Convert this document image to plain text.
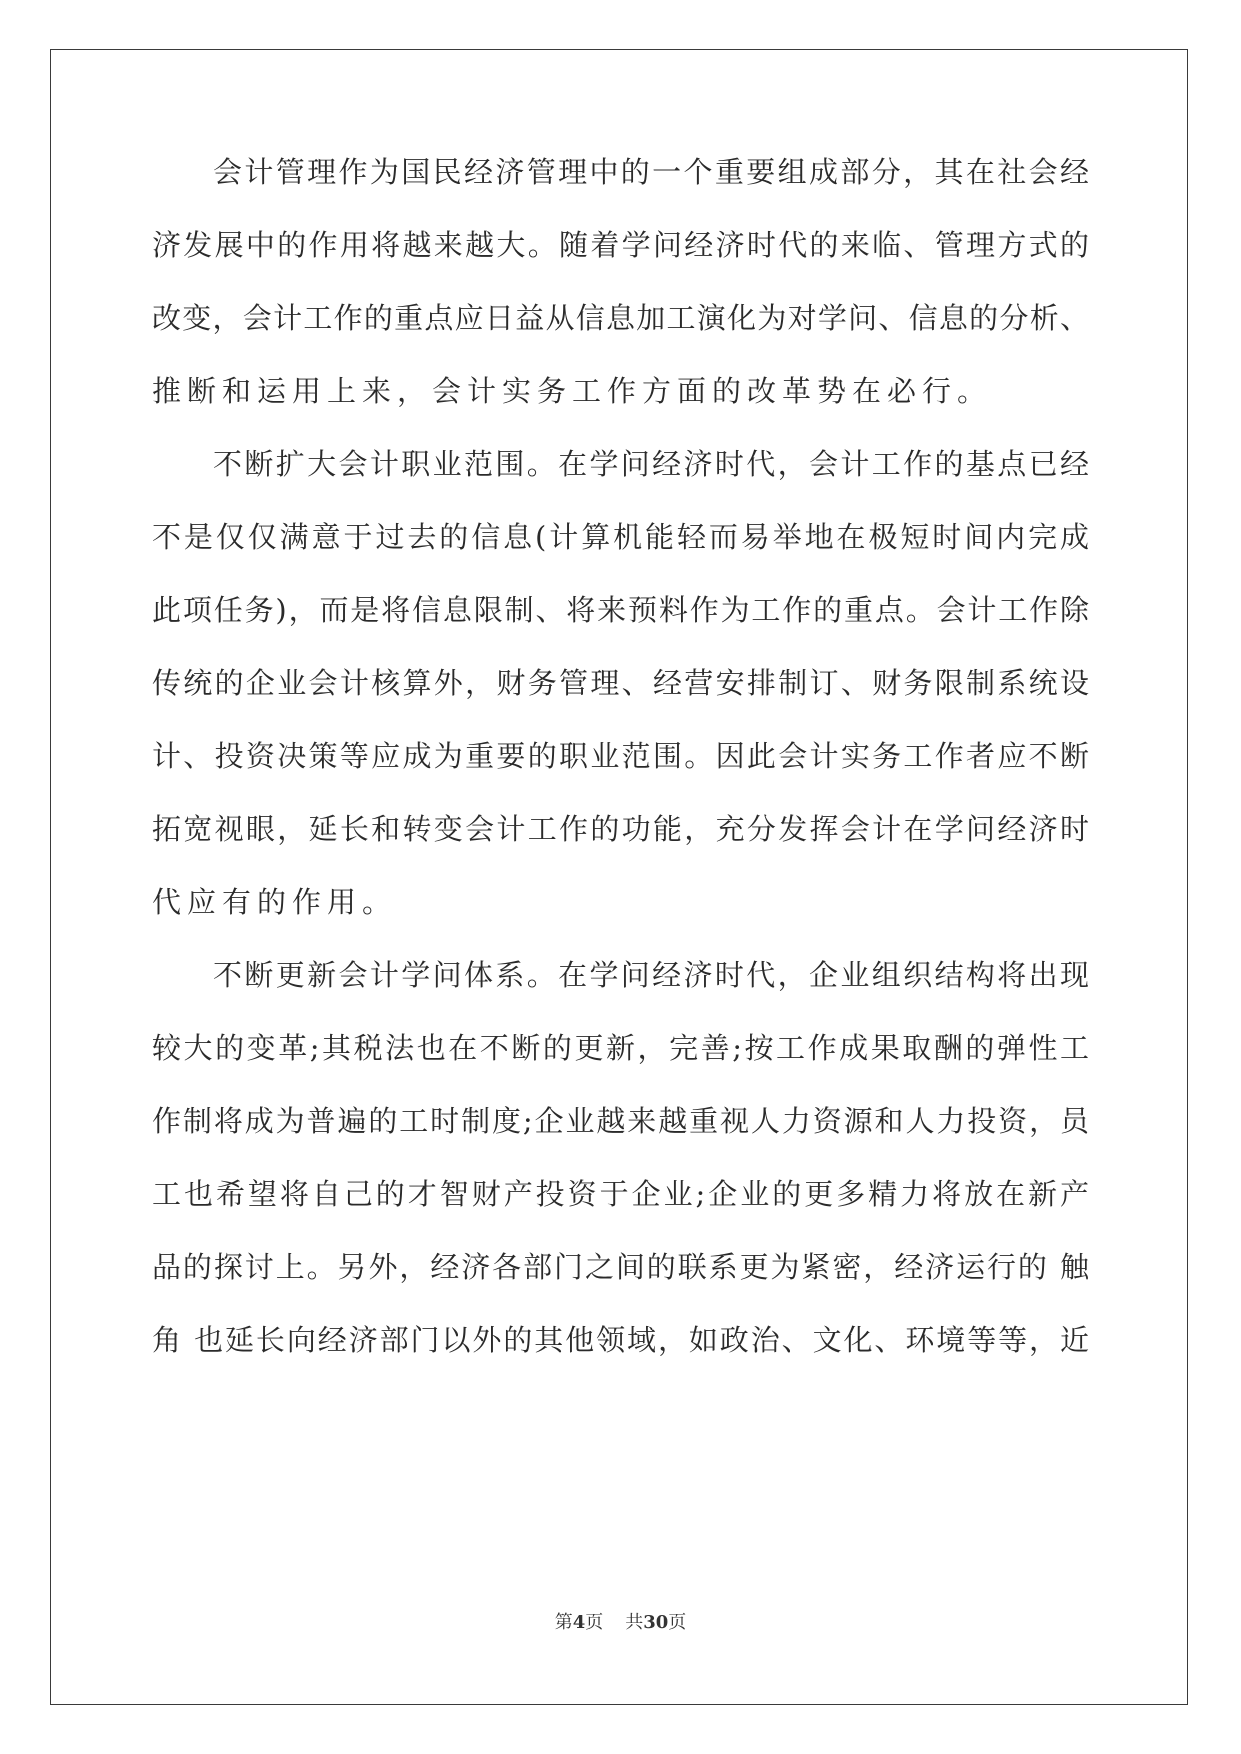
会计管理作为国民经济管理中的一个重要组成部分，其在社会经
济发展中的作用将越来越大。随着学问经济时代的来临、管理方式的
改变，会计工作的重点应日益从信息加工演化为对学问、信息的分析、
推断和运用上来，会计实务工作方面的改革势在必行。
不断扩大会计职业范围。在学问经济时代，会计工作的基点已经
不是仅仅满意于过去的信息(计算机能轻而易举地在极短时间内完成
此项任务)，而是将信息限制、将来预料作为工作的重点。会计工作除
传统的企业会计核算外，财务管理、经营安排制订、财务限制系统设
计、投资决策等应成为重要的职业范围。因此会计实务工作者应不断
拓宽视眼，延长和转变会计工作的功能，充分发挥会计在学问经济时
代应有的作用。
不断更新会计学问体系。在学问经济时代，企业组织结构将出现
较大的变革;其税法也在不断的更新，完善;按工作成果取酬的弹性工
作制将成为普遍的工时制度;企业越来越重视人力资源和人力投资，员
工也希望将自己的才智财产投资于企业;企业的更多精力将放在新产
品的探讨上。另外，经济各部门之间的联系更为紧密，经济运行的 触
角 也延长向经济部门以外的其他领域，如政治、文化、环境等等，近
第4页 共30页
